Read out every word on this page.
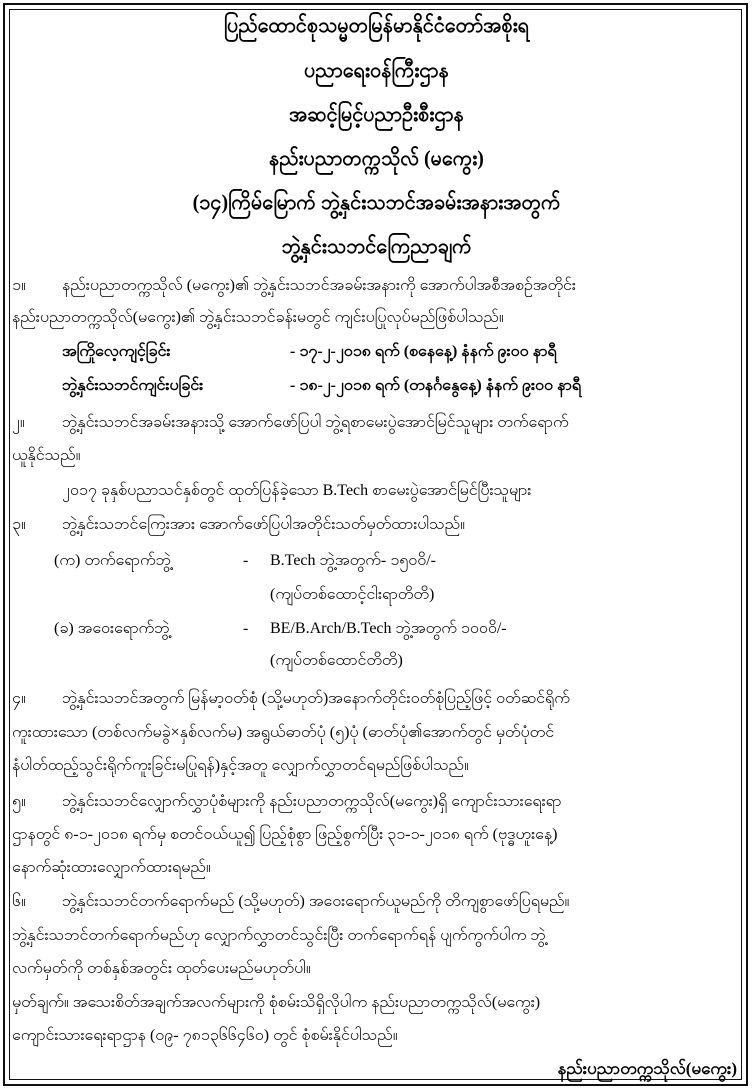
ပြည်ထောင်စုသမ္မတမြန်မာနိုင်ငံတော်အစိုးရ
ပညာရေးဝန်ကြီးဌာန
အဆင့်မြင့်ပညာဦးစီးဌာန
နည်းပညာတက္ကသိုလ် (မကွေး)
(၁၄)ကြိမ်မြောက် ဘွဲ့နှင်းသဘင်အခမ်းအနားအတွက်
ဘွဲ့နှင်းသဘင်ကြေညာချက်
၁။ နည်းပညာတက္ကသိုလ် (မကွေး)၏ ဘွဲ့နှင်းသဘင်အခမ်းအနားကို အောက်ပါအစီအစဉ်အတိုင်း
နည်းပညာတက္ကသိုလ်(မကွေး)၏ ဘွဲ့နှင်းသဘင်ခန်းမတွင် ကျင်းပပြုလုပ်မည်ဖြစ်ပါသည်။
အကြိုလေ့ကျင့်ခြင်း	- ၁၇-၂-၂၀၁၈ ရက် (စနေနေ့) နံနက် ၉း၀၀ နာရီ
ဘွဲ့နှင်းသဘင်ကျင်းပခြင်း	- ၁၈-၂-၂၀၁၈ ရက် (တနင်္ဂနွေနေ့) နံနက် ၉း၀၀ နာရီ
၂။ ဘွဲ့နှင်းသဘင်အခမ်းအနားသို့ အောက်ဖော်ပြပါ ဘွဲ့ရစာမေးပွဲအောင်မြင်သူများ တက်ရောက်
ယူနိုင်သည်။
၂၀၁၇ ခုနှစ်ပညာသင်နှစ်တွင် ထုတ်ပြန်ခဲ့သော B.Tech စာမေးပွဲအောင်မြင်ပြီးသူများ
၃။ ဘွဲ့နှင်းသဘင်ကြေးအား အောက်ဖော်ပြပါအတိုင်းသတ်မှတ်ထားပါသည်။
(က) တက်ရောက်ဘွဲ့	- B.Tech ဘွဲ့အတွက်- ၁၅၀၀ိ/-
(ကျပ်တစ်ထောင့်ငါးရာတိတိ)
(ခ) အဝေးရောက်ဘွဲ့	- BE/B.Arch/B.Tech ဘွဲ့အတွက် ၁၀၀၀ိ/-
(ကျပ်တစ်ထောင်တိတိ)
၄။ ဘွဲ့နှင်းသဘင်အတွက် မြန်မာ့ဝတ်စုံ (သို့မဟုတ်)အနောက်တိုင်းဝတ်စုံပြည့်ဖြင့် ဝတ်ဆင်ရိုက်
ကူးထားသော (တစ်လက်မခွဲ×နှစ်လက်မ) အရွယ်ဓာတ်ပုံ (၅)ပုံ (ဓာတ်ပုံ၏အောက်တွင် မှတ်ပုံတင်
နံပါတ်ထည့်သွင်းရိုက်ကူးခြင်းမပြုရန်)နှင့်အတူ လျှောက်လွှာတင်ရမည်ဖြစ်ပါသည်။
၅။ ဘွဲ့နှင်းသဘင်လျှောက်လွှာပုံစံများကို နည်းပညာတက္ကသိုလ်(မကွေး)ရှိ ကျောင်းသားရေးရာ
ဌာနတွင် ၈-၁-၂၀၁၈ ရက်မှ စတင်ဝယ်ယူ၍ ပြည့်စုံစွာ ဖြည့်စွက်ပြီး ၃၁-၁-၂၀၁၈ ရက် (ဗုဒ္ဓဟူးနေ့)
နောက်ဆုံးထားလျှောက်ထားရမည်။
၆။ ဘွဲ့နှင်းသဘင်တက်ရောက်မည် (သို့မဟုတ်) အဝေးရောက်ယူမည်ကို တိကျစွာဖော်ပြရမည်။
ဘွဲ့နှင်းသဘင်တက်ရောက်မည်ဟု လျှောက်လွှာတင်သွင်းပြီး တက်ရောက်ရန် ပျက်ကွက်ပါက ဘွဲ့
လက်မှတ်ကို တစ်နှစ်အတွင်း ထုတ်ပေးမည်မဟုတ်ပါ။
မှတ်ချက်။ အသေးစိတ်အချက်အလက်များကို စုံစမ်းသိရှိလိုပါက နည်းပညာတက္ကသိုလ်(မကွေး)
ကျောင်းသားရေးရာဌာန (၀၉- ၇၈၁၃၆၆၄၆၀) တွင် စုံစမ်းနိုင်ပါသည်။
နည်းပညာတက္ကသိုလ်(မကွေး)
